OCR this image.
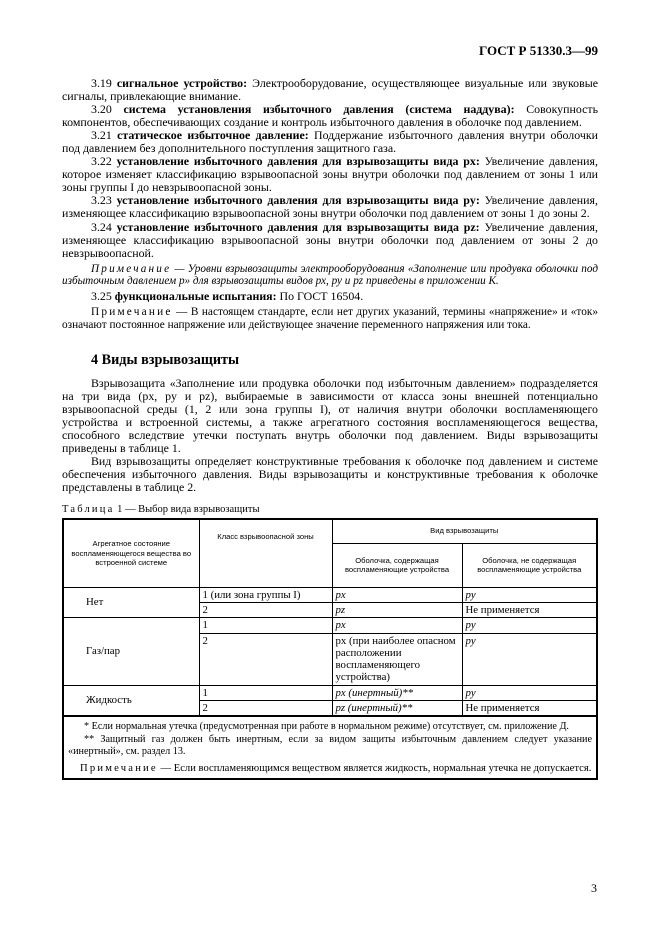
ГОСТ Р 51330.3—99

3.19 сигнальное устройство: Электрооборудование, осуществляющее визуальные или звуковые сигналы, привлекающие внимание.

3.20 система установления избыточного давления (система наддува): Совокупность компонентов, обеспечивающих создание и контроль избыточного давления в оболочке под давлением.

3.21 статическое избыточное давление: Поддержание избыточного давления внутри оболочки под давлением без дополнительного поступления защитного газа.

3.22 установление избыточного давления для взрывозащиты вида px: Увеличение давления, которое изменяет классификацию взрывоопасной зоны внутри оболочки под давлением от зоны 1 или зоны группы I до невзрывоопасной зоны.

3.23 установление избыточного давления для взрывозащиты вида py: Увеличение давления, изменяющее классификацию взрывоопасной зоны внутри оболочки под давлением от зоны 1 до зоны 2.

3.24 установление избыточного давления для взрывозащиты вида pz: Увеличение давления, изменяющее классификацию взрывоопасной зоны внутри оболочки под давлением от зоны 2 до невзрывоопасной.

Примечание — Уровни взрывозащиты электрооборудования «Заполнение или продувка оболочки под избыточным давлением р» для взрывозащиты видов рх, ру и pz приведены в приложении К.

3.25 функциональные испытания: По ГОСТ 16504.

Примечание — В настоящем стандарте, если нет других указаний, термины «напряжение» и «ток» означают постоянное напряжение или действующее значение переменного напряжения или тока.

4 Виды взрывозащиты

Взрывозащита «Заполнение или продувка оболочки под избыточным давлением» подразделяется на три вида (рх, ру и pz), выбираемые в зависимости от класса зоны внешней потенциально взрывоопасной среды (1, 2 или зона группы I), от наличия внутри оболочки воспламеняющего устройства и встроенной системы, а также агрегатного состояния воспламеняющегося вещества, способного вследствие утечки поступать внутрь оболочки под давлением. Виды взрывозащиты приведены в таблице 1.

Вид взрывозащиты определяет конструктивные требования к оболочке под давлением и системе обеспечения избыточного давления. Виды взрывозащиты и конструктивные требования к оболочке представлены в таблице 2.

Таблица 1 — Выбор вида взрывозащиты
Агрегатное состояние воспламеняющегося вещества во встроенной системе	Класс взрывоопасной зоны	Вид взрывозащиты	
		Оболочка, содержащая воспламеняющие устройства	Оболочка, не содержащая воспламеняющие устройства
Нет	1 (или зона группы I)	px	py
	2	pz	Не применяется
Газ/пар	1	px	py
	2	px (при наиболее опасном расположении воспламеняющего устройства)	py
Жидкость	1	px (инертный)**	py
	2	pz (инертный)**	Не применяется

* Если нормальная утечка (предусмотренная при работе в нормальном режиме) отсутствует, см. приложение Д.

** Защитный газ должен быть инертным, если за видом защиты избыточным давлением следует указание «инертный», см. раздел 13.

Примечание — Если воспламеняющимся веществом является жидкость, нормальная утечка не допускается.

3
